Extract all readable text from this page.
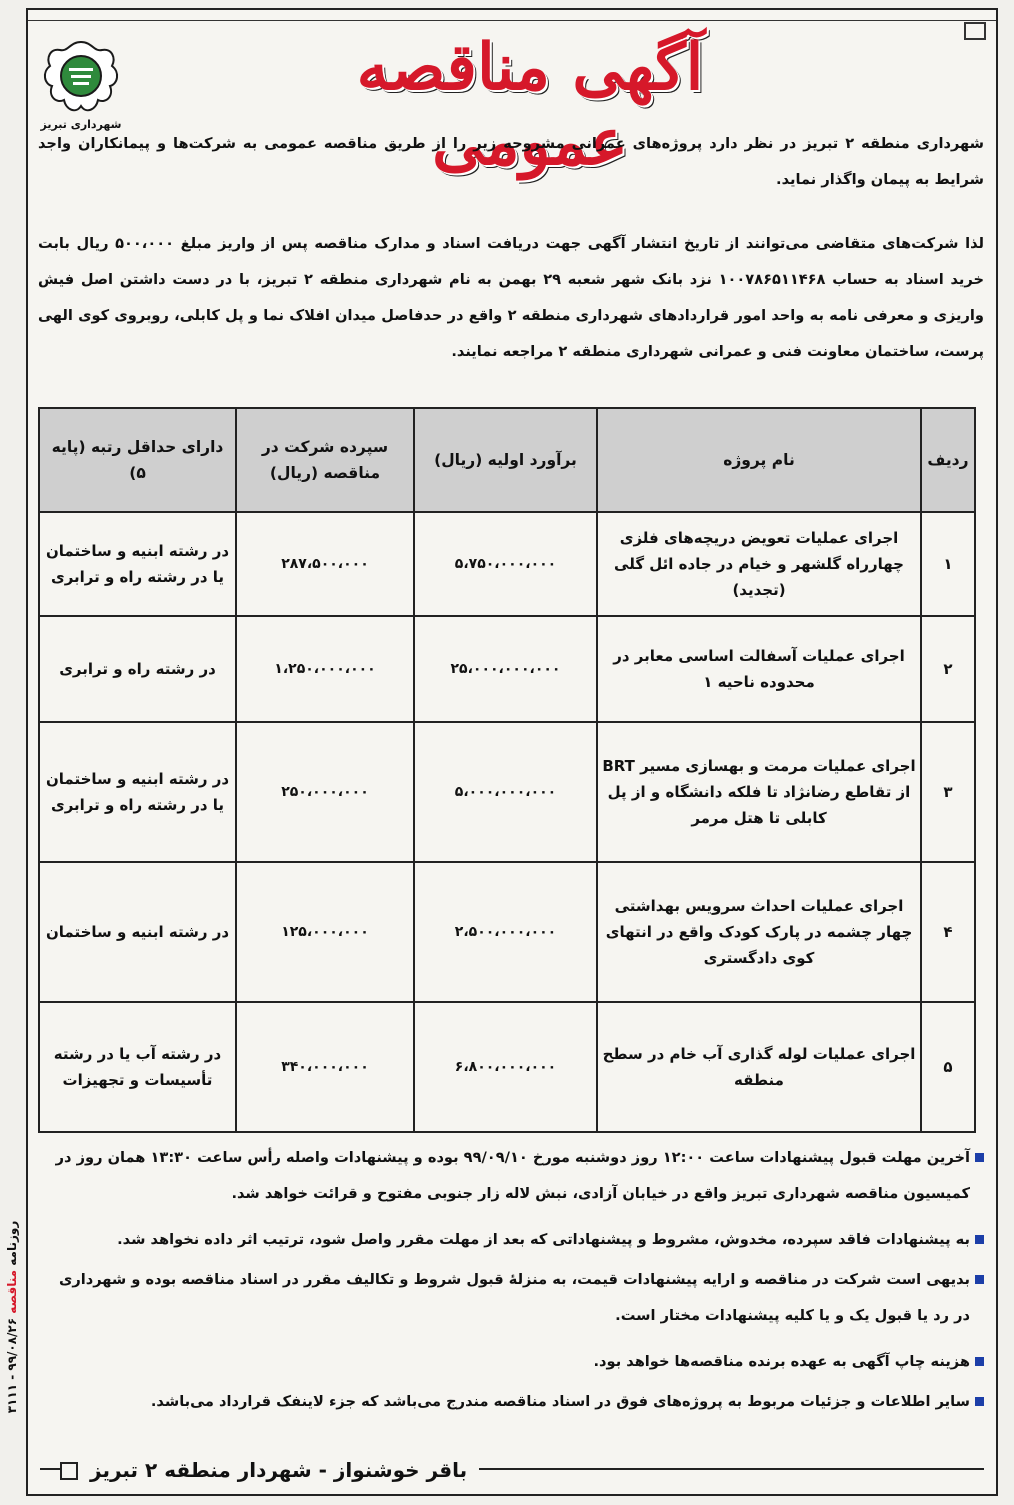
شهرداری تبریز
آگهی مناقصه عمومی	شهرداری منطقه ۲ تبریز در نظر دارد پروژه‌های عمرانی مشروحه زیر را از طریق مناقصه عمومی به شرکت‌ها و پیمانکاران واجد شرایط به پیمان واگذار نماید.
لذا شرکت‌های متقاضی می‌توانند از تاریخ انتشار آگهی جهت دریافت اسناد و مدارک مناقصه پس از واریز مبلغ ۵۰۰،۰۰۰ ریال بابت خرید اسناد به حساب ۱۰۰۷۸۶۵۱۱۴۶۸ نزد بانک شهر شعبه ۲۹ بهمن به نام شهرداری منطقه ۲ تبریز، با در دست داشتن اصل فیش واریزی و معرفی نامه به واحد امور قراردادهای شهرداری منطقه ۲ واقع در حدفاصل میدان افلاک نما و پل کابلی، روبروی کوی الهی پرست، ساختمان معاونت فنی و عمرانی شهرداری منطقه ۲ مراجعه نمایند.
ردیف	نام پروژه	برآورد اولیه (ریال)	سپرده شرکت در مناقصه (ریال)	دارای حداقل رتبه (پایه ۵)
۱	اجرای عملیات تعویض دریچه‌های فلزی چهارراه گلشهر و خیام در جاده ائل گلی (تجدید)	۵،۷۵۰،۰۰۰،۰۰۰	۲۸۷،۵۰۰،۰۰۰	در رشته ابنیه و ساختمان یا در رشته راه و ترابری
۲	اجرای عملیات آسفالت اساسی معابر در محدوده ناحیه ۱	۲۵،۰۰۰،۰۰۰،۰۰۰	۱،۲۵۰،۰۰۰،۰۰۰	در رشته راه و ترابری
۳	اجرای عملیات مرمت و بهسازی مسیر BRT از تقاطع رضانژاد تا فلکه دانشگاه و از پل کابلی تا هتل مرمر	۵،۰۰۰،۰۰۰،۰۰۰	۲۵۰،۰۰۰،۰۰۰	در رشته ابنیه و ساختمان یا در رشته راه و ترابری
۴	اجرای عملیات احداث سرویس بهداشتی چهار چشمه در پارک کودک واقع در انتهای کوی دادگستری	۲،۵۰۰،۰۰۰،۰۰۰	۱۲۵،۰۰۰،۰۰۰	در رشته ابنیه و ساختمان
۵	اجرای عملیات لوله گذاری آب خام در سطح منطقه	۶،۸۰۰،۰۰۰،۰۰۰	۳۴۰،۰۰۰،۰۰۰	در رشته آب یا در رشته تأسیسات و تجهیزات
آخرین مهلت قبول پیشنهادات ساعت ۱۲:۰۰ روز دوشنبه مورخ ۹۹/۰۹/۱۰ بوده و پیشنهادات واصله رأس ساعت ۱۳:۳۰ همان روز در کمیسیون مناقصه شهرداری تبریز واقع در خیابان آزادی، نبش لاله زار جنوبی مفتوح و قرائت خواهد شد.
به پیشنهادات فاقد سپرده، مخدوش، مشروط و پیشنهاداتی که بعد از مهلت مقرر واصل شود، ترتیب اثر داده نخواهد شد.
بدیهی است شرکت در مناقصه و ارایه پیشنهادات قیمت، به منزلهٔ قبول شروط و تکالیف مقرر در اسناد مناقصه بوده و شهرداری در رد یا قبول یک و یا کلیه پیشنهادات مختار است.
هزینه چاپ آگهی به عهده برنده مناقصه‌ها خواهد بود.
سایر اطلاعات و جزئیات مربوط به پروژه‌های فوق در اسناد مناقصه مندرج می‌باشد که جزء لاینفک قرارداد می‌باشد.
باقر خوشنواز - شهردار منطقه ۲ تبریز
روزنامه مناقصه ۹۹/۰۸/۲۶ - ۳۱۱۱
